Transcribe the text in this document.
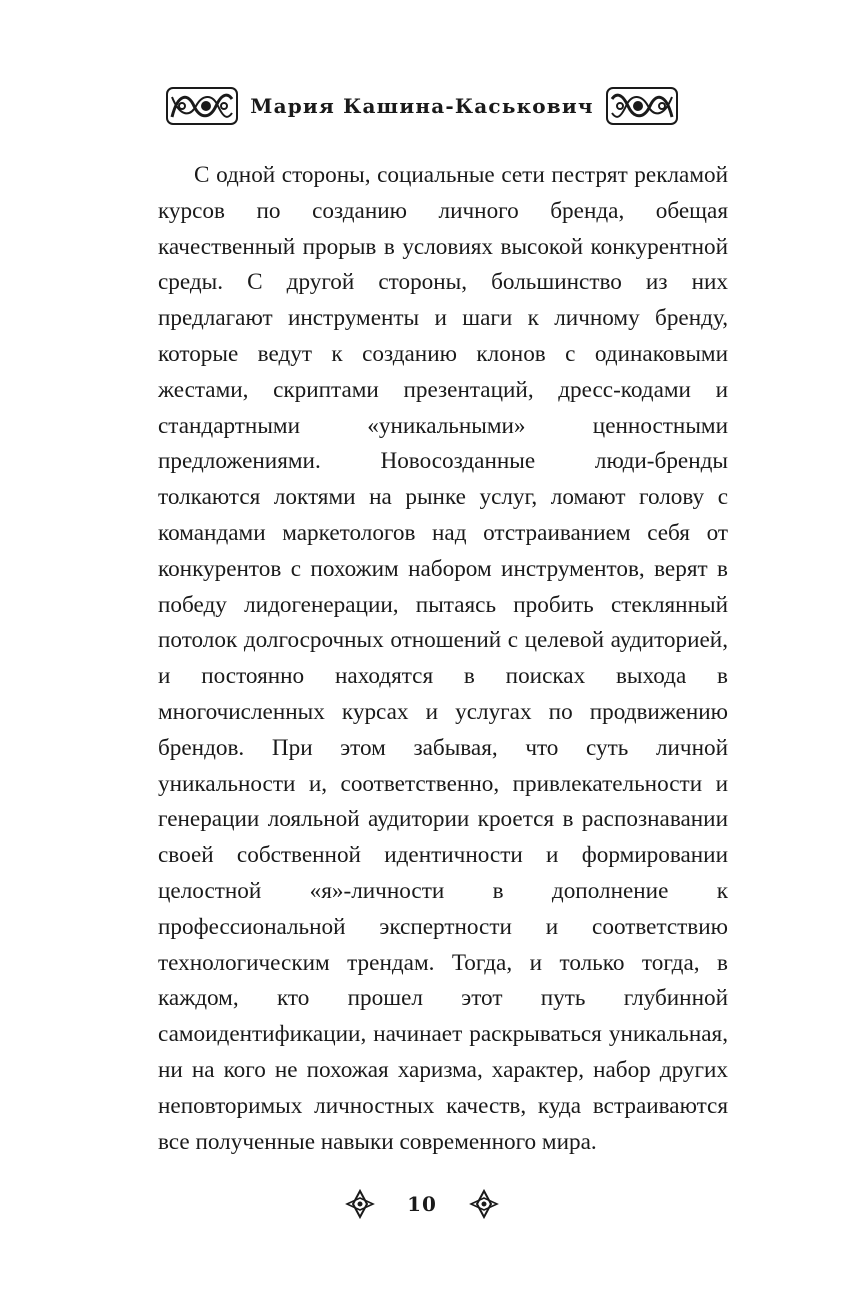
Мария Кашина-Каськович

С одной стороны, социальные сети пестрят рекламой курсов по созданию личного бренда, обещая качественный прорыв в условиях высокой конкурентной среды. С другой стороны, большинство из них предлагают инструменты и шаги к личному бренду, которые ведут к созданию клонов с одинаковыми жестами, скриптами презентаций, дресс-кодами и стандартными «уникальными» ценностными предложениями. Новосозданные люди-бренды толкаются локтями на рынке услуг, ломают голову с командами маркетологов над отстраиванием себя от конкурентов с похожим набором инструментов, верят в победу лидогенерации, пытаясь пробить стеклянный потолок долгосрочных отношений с целевой аудиторией, и постоянно находятся в поисках выхода в многочисленных курсах и услугах по продвижению брендов. При этом забывая, что суть личной уникальности и, соответственно, привлекательности и генерации лояльной аудитории кроется в распознавании своей собственной идентичности и формировании целостной «я»-личности в дополнение к профессиональной экспертности и соответствию технологическим трендам. Тогда, и только тогда, в каждом, кто прошел этот путь глубинной самоидентификации, начинает раскрываться уникальная, ни на кого не похожая харизма, характер, набор других неповторимых личностных качеств, куда встраиваются все полученные навыки современного мира.

10
